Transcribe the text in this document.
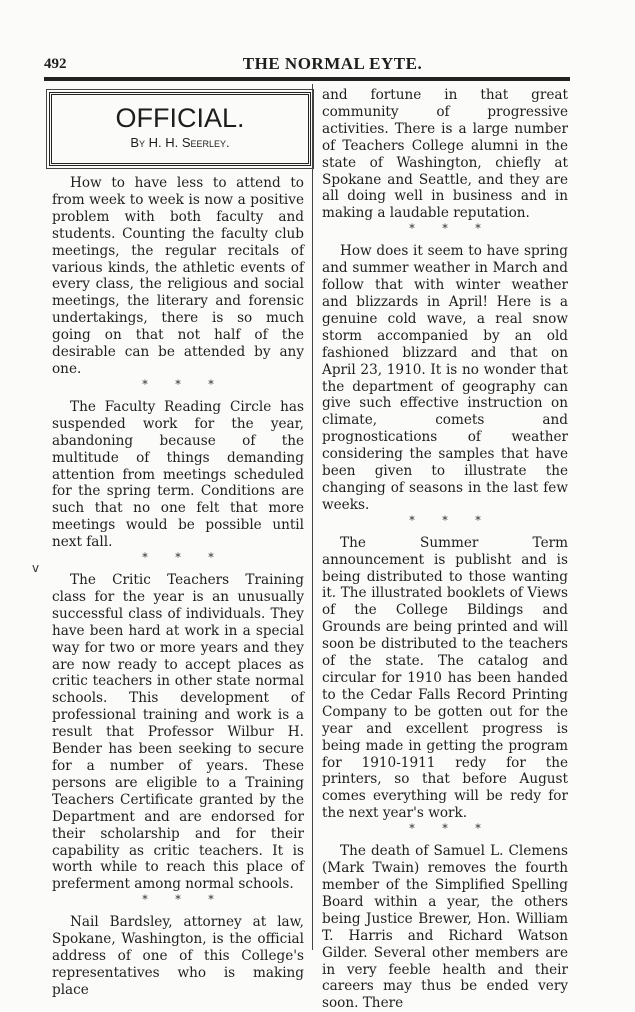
492	THE NORMAL EYTE.
OFFICIAL.
By H. H. Seerley.
v

How to have less to attend to from week to week is now a positive problem with both faculty and students. Counting the faculty club meetings, the regular recitals of various kinds, the athletic events of every class, the religious and social meetings, the literary and forensic undertakings, there is so much going on that not half of the desirable can be attended by any one.

* * *

The Faculty Reading Circle has suspended work for the year, abandoning because of the multitude of things demanding attention from meetings scheduled for the spring term. Conditions are such that no one felt that more meetings would be possible until next fall.

* * *

The Critic Teachers Training class for the year is an unusually successful class of individuals. They have been hard at work in a special way for two or more years and they are now ready to accept places as critic teachers in other state normal schools. This development of professional training and work is a result that Professor Wilbur H. Bender has been seeking to secure for a number of years. These persons are eligible to a Training Teachers Certificate granted by the Department and are endorsed for their scholarship and for their capability as critic teachers. It is worth while to reach this place of preferment among normal schools.

* * *

Nail Bardsley, attorney at law, Spokane, Washington, is the official address of one of this College's representatives who is making place

and fortune in that great community of progressive activities. There is a large number of Teachers College alumni in the state of Washington, chiefly at Spokane and Seattle, and they are all doing well in business and in making a laudable reputation.

* * *

How does it seem to have spring and summer weather in March and follow that with winter weather and blizzards in April! Here is a genuine cold wave, a real snow storm accompanied by an old fashioned blizzard and that on April 23, 1910. It is no wonder that the department of geography can give such effective instruction on climate, comets and prognostications of weather considering the samples that have been given to illustrate the changing of seasons in the last few weeks.

* * *

The Summer Term announcement is publisht and is being distributed to those wanting it. The illustrated booklets of Views of the College Bildings and Grounds are being printed and will soon be distributed to the teachers of the state. The catalog and circular for 1910 has been handed to the Cedar Falls Record Printing Company to be gotten out for the year and excellent progress is being made in getting the program for 1910-1911 redy for the printers, so that before August comes everything will be redy for the next year's work.

* * *

The death of Samuel L. Clemens (Mark Twain) removes the fourth member of the Simplified Spelling Board within a year, the others being Justice Brewer, Hon. William T. Harris and Richard Watson Gilder. Several other members are in very feeble health and their careers may thus be ended very soon. There
